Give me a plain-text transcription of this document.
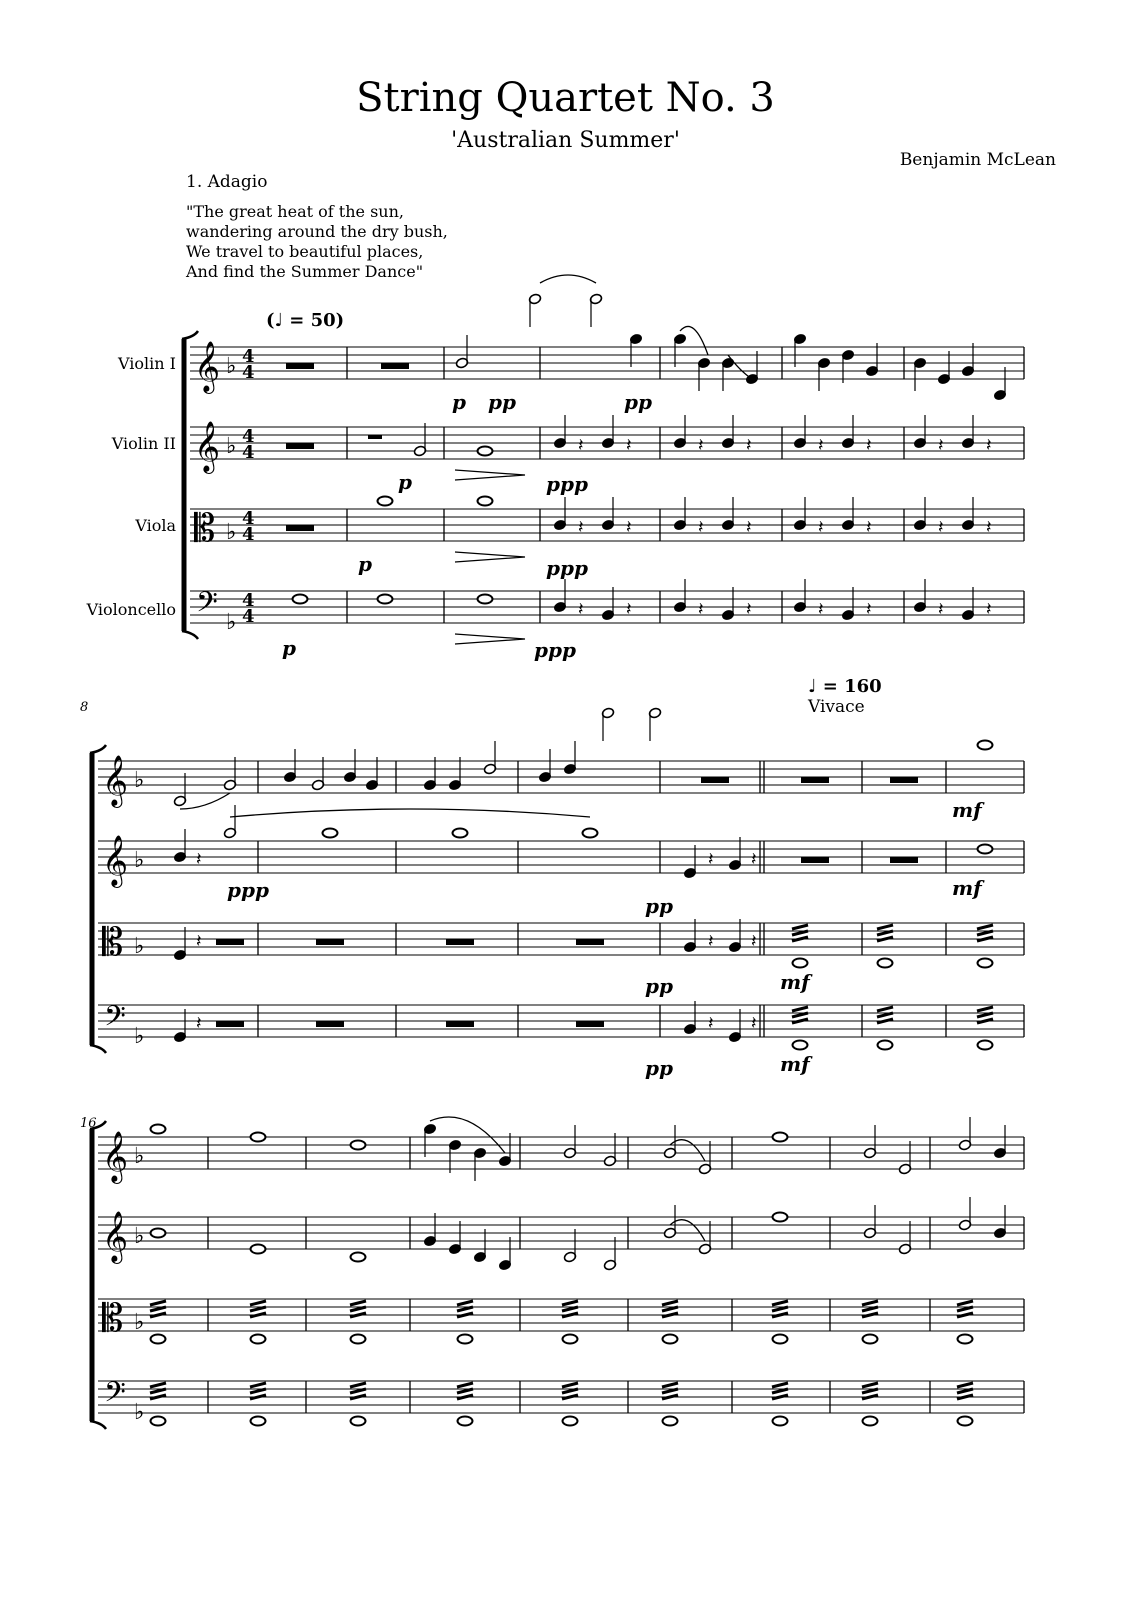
String Quartet No. 3
'Australian Summer'
Benjamin McLean
1. Adagio
"The great heat of the sun,
wandering around the dry bush,
We travel to beautiful places,
And find the Summer Dance"
(♩ = 50)
♩ = 160
Vivace
Violin I
Violin II
Viola
Violoncello
8
16
p pp	pp
p	ppp
p	ppp
p	ppp
ppp
pp
pp
pp
mf
mf
mf
mf
𝄞 ♭ 4
4
𝄞 ♭ 4
4
𝄡 ♭
4
4
𝄢 ♭
4
4
𝄞 ♭
𝄞 ♭
𝄡 ♭
𝄢 ♭
𝄞 ♭
𝄞 ♭
𝄡 ♭
𝄢 ♭
𝄽 𝄽	𝄽 𝄽	𝄽 𝄽	𝄽 𝄽
𝄽 𝄽	𝄽 𝄽	𝄽 𝄽	𝄽 𝄽
𝄽 𝄽	𝄽 𝄽	𝄽 𝄽	𝄽 𝄽
𝄽	𝄽 𝄽
𝄽	𝄽 𝄽
𝄽	𝄽 𝄽
